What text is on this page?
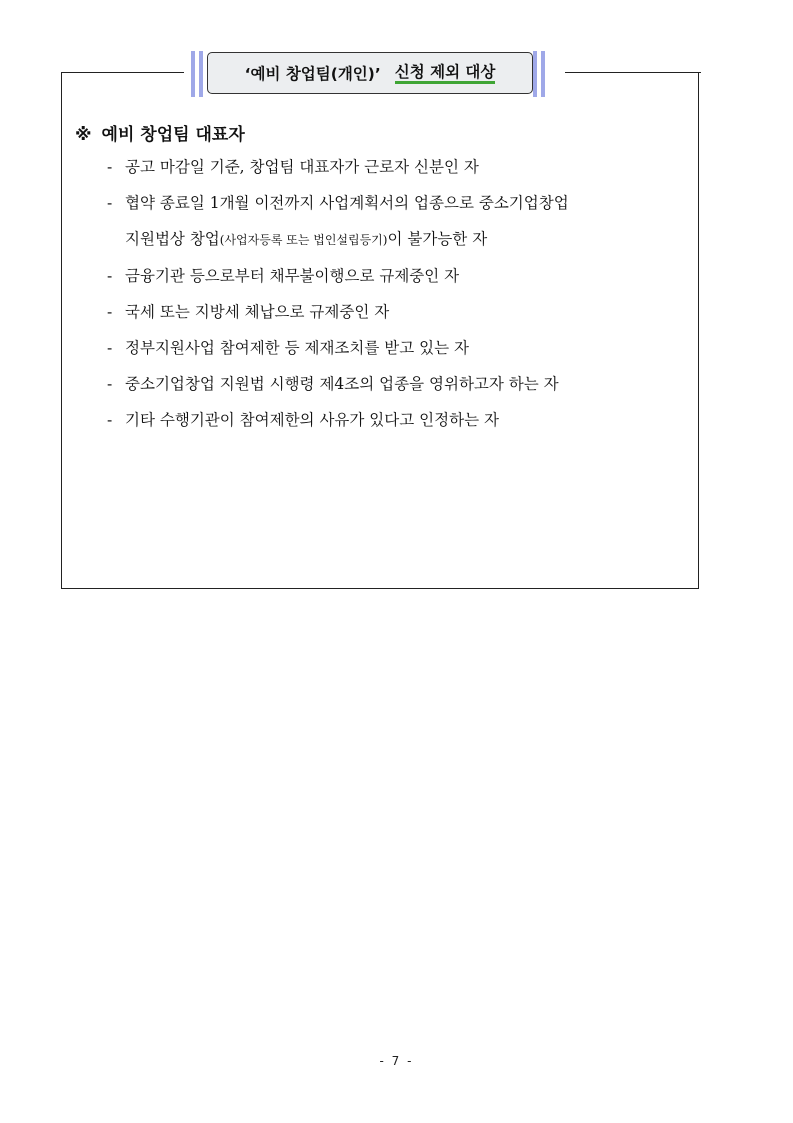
‘예비 창업팀(개인)’ 신청 제외 대상
※ 예비 창업팀 대표자
- 공고 마감일 기준, 창업팀 대표자가 근로자 신분인 자
- 협약 종료일 1개월 이전까지 사업계획서의 업종으로 중소기업창업
지원법상 창업(사업자등록 또는 법인설립등기)이 불가능한 자
- 금융기관 등으로부터 채무불이행으로 규제중인 자
- 국세 또는 지방세 체납으로 규제중인 자
- 정부지원사업 참여제한 등 제재조치를 받고 있는 자
- 중소기업창업 지원법 시행령 제4조의 업종을 영위하고자 하는 자
- 기타 수행기관이 참여제한의 사유가 있다고 인정하는 자
- 7 -
